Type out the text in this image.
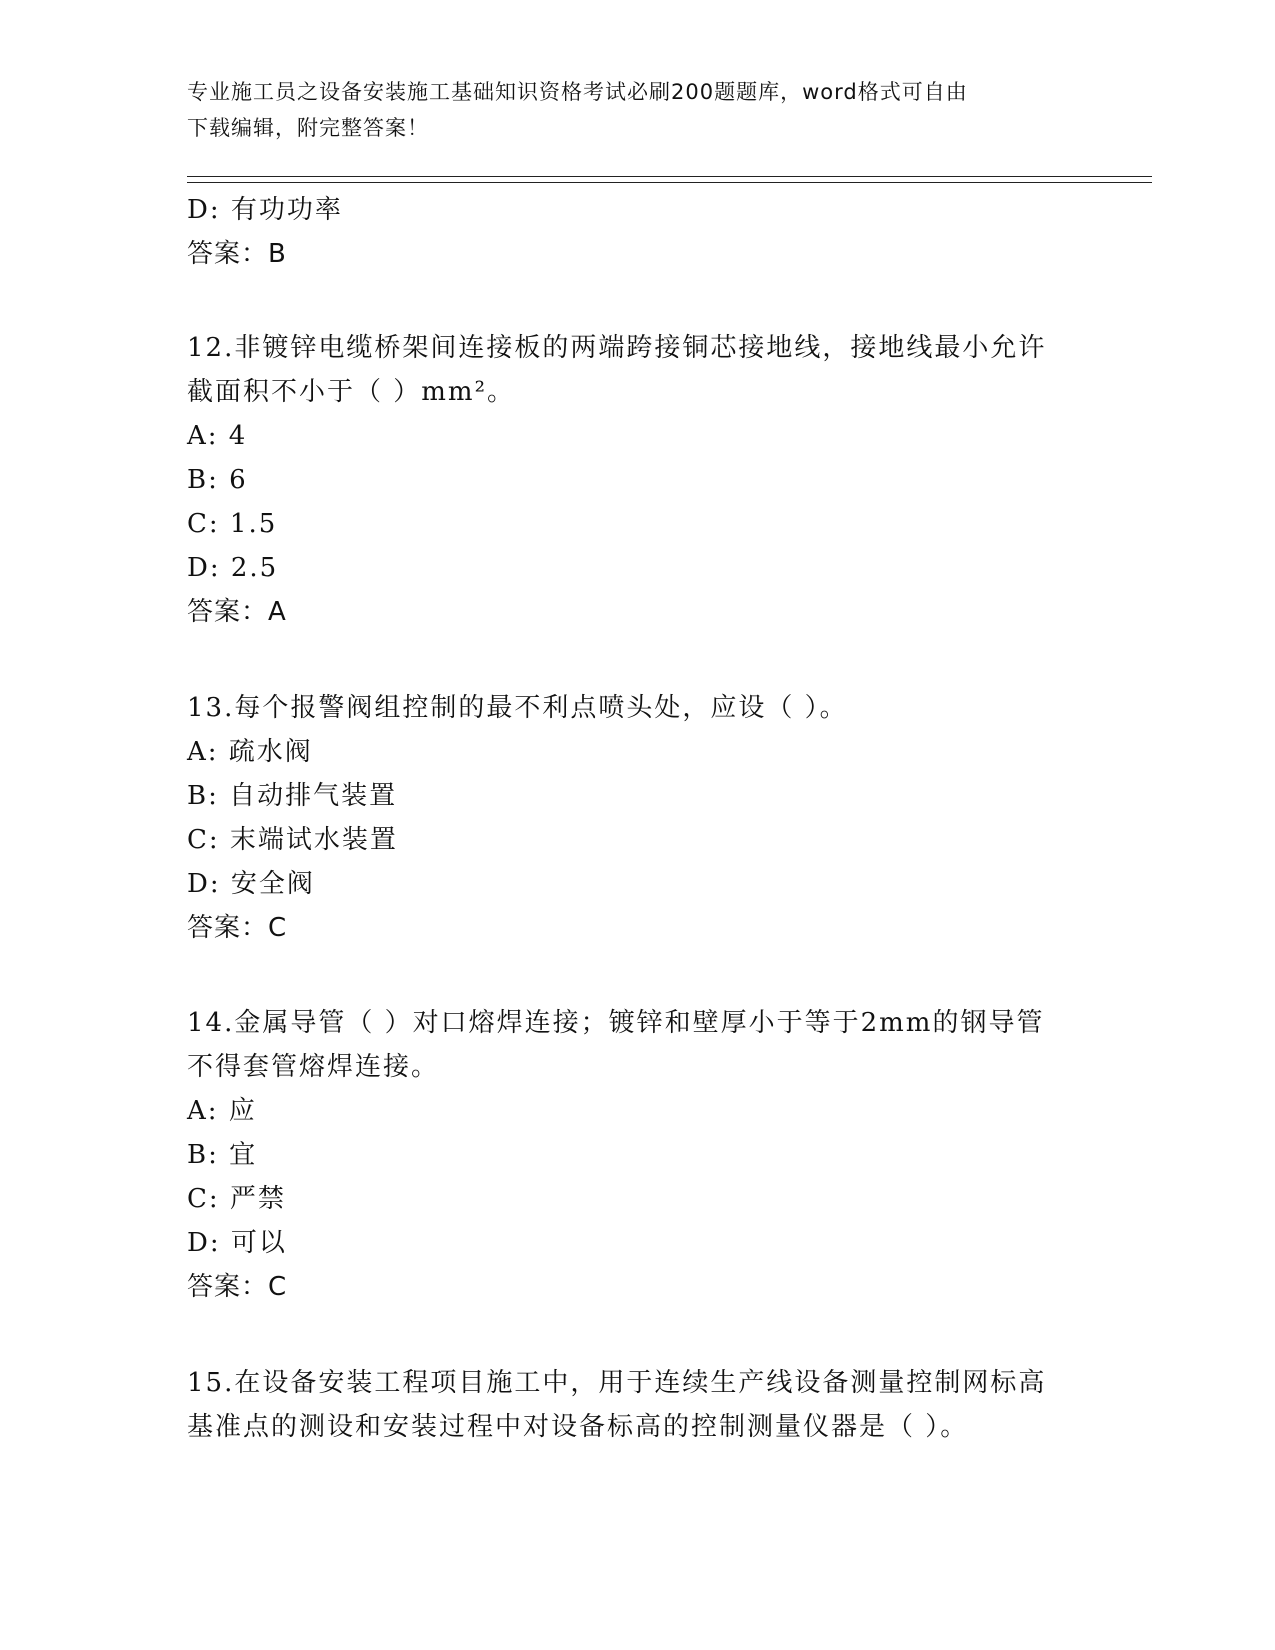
专业施工员之设备安装施工基础知识资格考试必刷200题题库，word格式可自由
下载编辑，附完整答案！
D: 有功功率
答案：B
12.非镀锌电缆桥架间连接板的两端跨接铜芯接地线，接地线最小允许
截面积不小于（ ）mm²。
A: 4
B: 6
C: 1.5
D: 2.5
答案：A
13.每个报警阀组控制的最不利点喷头处，应设（ ）。
A: 疏水阀
B: 自动排气装置
C: 末端试水装置
D: 安全阀
答案：C
14.金属导管（ ）对口熔焊连接；镀锌和壁厚小于等于2mm的钢导管
不得套管熔焊连接。
A: 应
B: 宜
C: 严禁
D: 可以
答案：C
15.在设备安装工程项目施工中，用于连续生产线设备测量控制网标高
基准点的测设和安装过程中对设备标高的控制测量仪器是（ ）。
